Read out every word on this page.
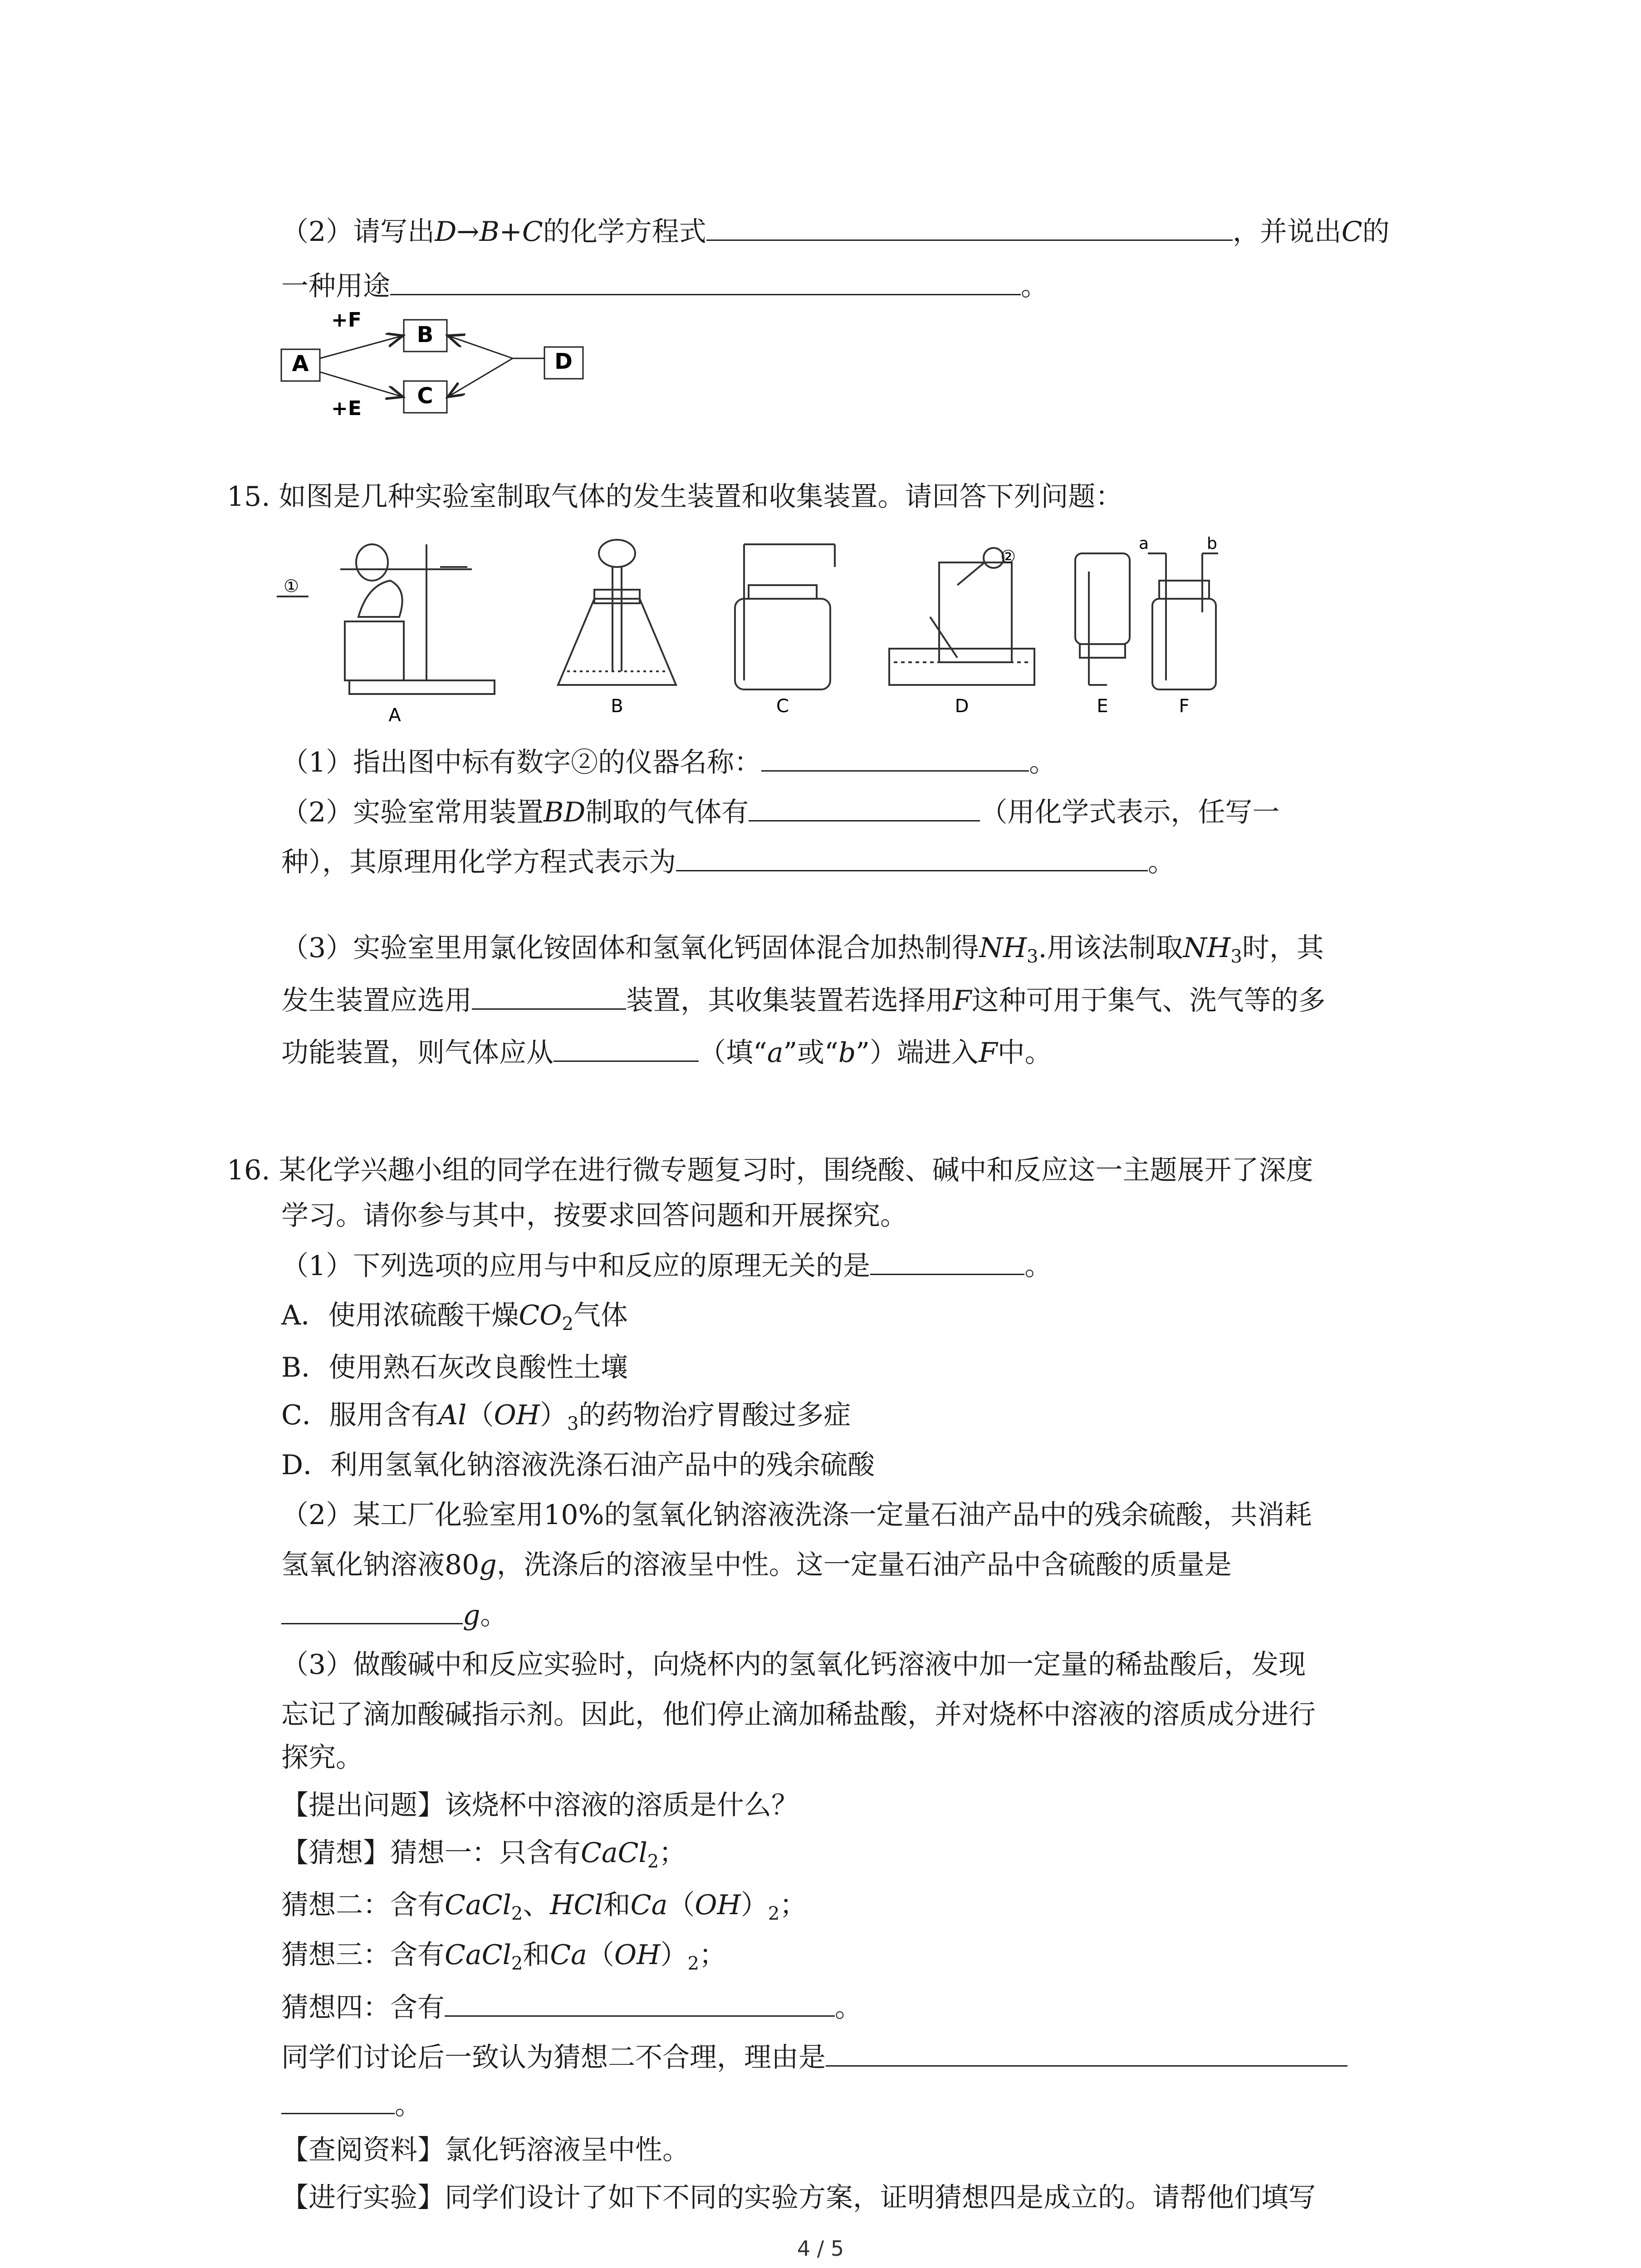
（2）请写出D→B+C的化学方程式	，并说出C的
一种用途	。
A
B
C
D
+F
+E
15. 如图是几种实验室制取气体的发生装置和收集装置。请回答下列问题：
①
②
a	b
A	B	C	D	E	F
（1）指出图中标有数字②的仪器名称：	。
（2）实验室常用装置BD制取的气体有	（用化学式表示，任写一
种），其原理用化学方程式表示为	。
（3）实验室里用氯化铵固体和氢氧化钙固体混合加热制得$NH_3$.用该法制取$NH_3$时，其
发生装置应选用	装置，其收集装置若选择用F这种可用于集气、洗气等的多
功能装置，则气体应从	（填“a”或“b”）端进入F中。
16. 某化学兴趣小组的同学在进行微专题复习时，围绕酸、碱中和反应这一主题展开了深度
学习。请你参与其中，按要求回答问题和开展探究。
（1）下列选项的应用与中和反应的原理无关的是	。
A．使用浓硫酸干燥$CO_2$气体
B．使用熟石灰改良酸性土壤
C．服用含有$Al(OH)_3$的药物治疗胃酸过多症
D．利用氢氧化钠溶液洗涤石油产品中的残余硫酸
（2）某工厂化验室用10%的氢氧化钠溶液洗涤一定量石油产品中的残余硫酸，共消耗
氢氧化钠溶液80g，洗涤后的溶液呈中性。这一定量石油产品中含硫酸的质量是
g。
（3）做酸碱中和反应实验时，向烧杯内的氢氧化钙溶液中加一定量的稀盐酸后，发现
忘记了滴加酸碱指示剂。因此，他们停止滴加稀盐酸，并对烧杯中溶液的溶质成分进行
探究。
【提出问题】该烧杯中溶液的溶质是什么？
【猜想】猜想一：只含有CaCl$_2$；
猜想二：含有CaCl$_2$、HCl和$Ca(OH)_2$；
猜想三：含有CaCl$_2$和$Ca(OH)_2$；
猜想四：含有	。
同学们讨论后一致认为猜想二不合理，理由是
。
【查阅资料】氯化钙溶液呈中性。
【进行实验】同学们设计了如下不同的实验方案，证明猜想四是成立的。请帮他们填写
4 / 5
